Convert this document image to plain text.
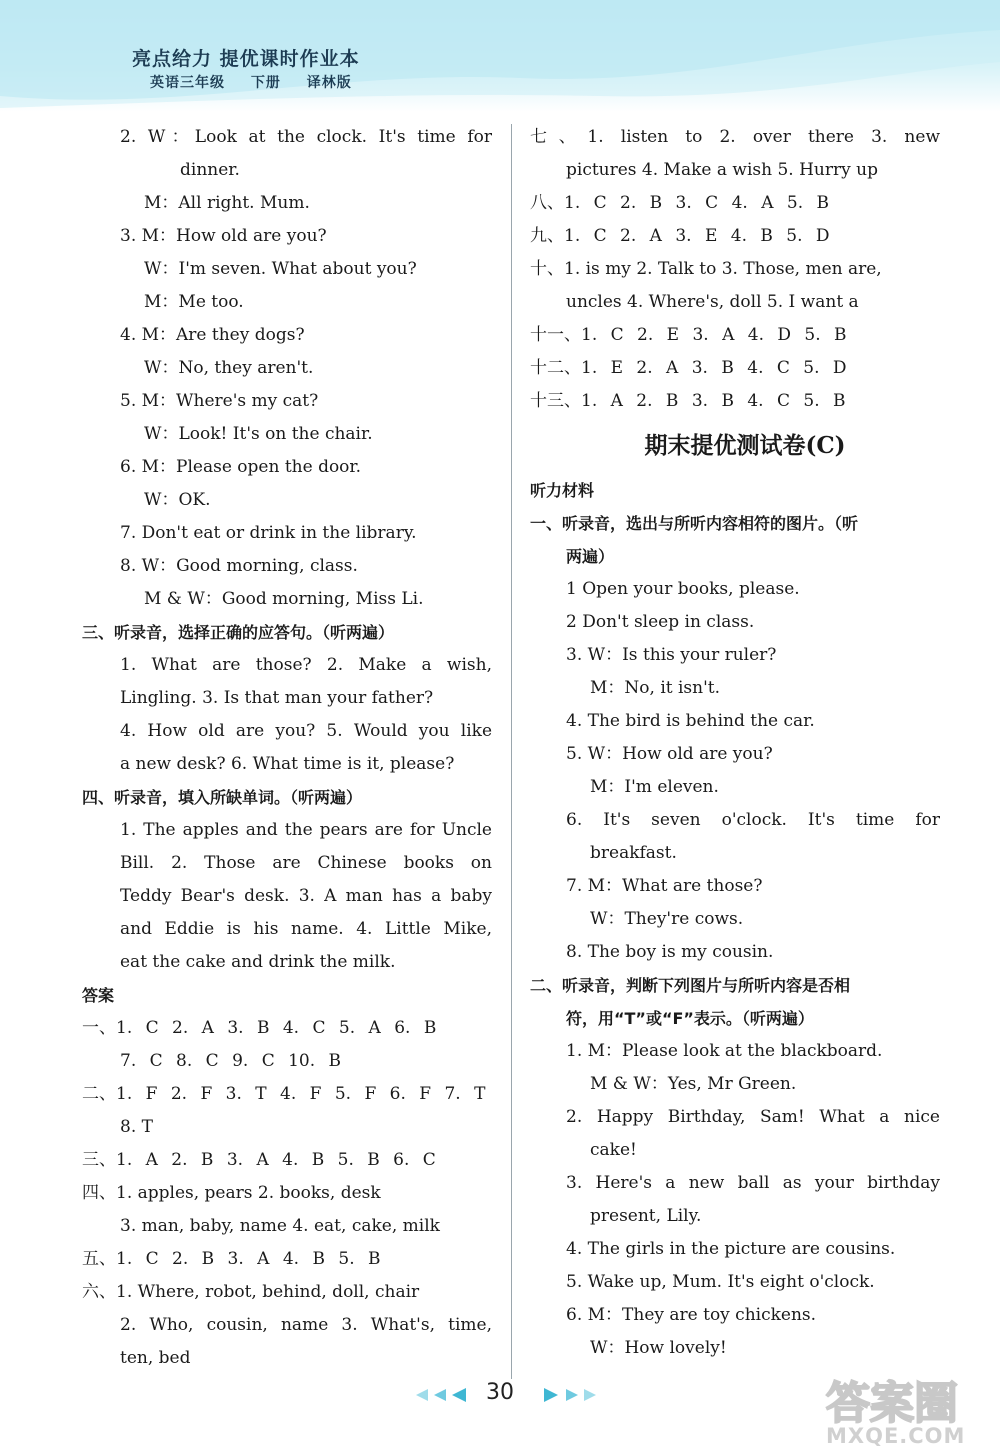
亮点给力 提优课时作业本
英语三年级 下册 译林版
2. W：Look at the clock. It's time for
dinner.
M：All right. Mum.
3. M：How old are you?
W：I'm seven. What about you?
M：Me too.
4. M：Are they dogs?
W：No, they aren't.
5. M：Where's my cat?
W：Look! It's on the chair.
6. M：Please open the door.
W：OK.
7. Don't eat or drink in the library.
8. W：Good morning, class.
M & W：Good morning, Miss Li.
三、听录音，选择正确的应答句。（听两遍）
1. What are those? 2. Make a wish,
Lingling. 3. Is that man your father?
4. How old are you? 5. Would you like
a new desk? 6. What time is it, please?
四、听录音，填入所缺单词。（听两遍）
1. The apples and the pears are for Uncle
Bill. 2. Those are Chinese books on
Teddy Bear's desk. 3. A man has a baby
and Eddie is his name. 4. Little Mike,
eat the cake and drink the milk.
答案
一、1. C 2. A 3. B 4. C 5. A 6. B
7. C 8. C 9. C 10. B
二、1. F 2. F 3. T 4. F 5. F 6. F 7. T
8. T
三、1. A 2. B 3. A 4. B 5. B 6. C
四、1. apples, pears 2. books, desk
3. man, baby, name 4. eat, cake, milk
五、1. C 2. B 3. A 4. B 5. B
六、1. Where, robot, behind, doll, chair
2. Who, cousin, name 3. What's, time,
ten, bed
七、1. listen to 2. over there 3. new
pictures 4. Make a wish 5. Hurry up
八、1. C 2. B 3. C 4. A 5. B
九、1. C 2. A 3. E 4. B 5. D
十、1. is my 2. Talk to 3. Those, men are,
uncles 4. Where's, doll 5. I want a
十一、1. C 2. E 3. A 4. D 5. B
十二、1. E 2. A 3. B 4. C 5. D
十三、1. A 2. B 3. B 4. C 5. B
期末提优测试卷(C)
听力材料
一、听录音，选出与所听内容相符的图片。（听
两遍）
1 Open your books, please.
2 Don't sleep in class.
3. W：Is this your ruler?
M：No, it isn't.
4. The bird is behind the car.
5. W：How old are you?
M：I'm eleven.
6. It's seven o'clock. It's time for
breakfast.
7. M：What are those?
W：They're cows.
8. The boy is my cousin.
二、听录音，判断下列图片与所听内容是否相
符，用“T”或“F”表示。（听两遍）
1. M：Please look at the blackboard.
M & W：Yes, Mr Green.
2. Happy Birthday, Sam! What a nice
cake!
3. Here's a new ball as your birthday
present, Lily.
4. The girls in the picture are cousins.
5. Wake up, Mum. It's eight o'clock.
6. M：They are toy chickens.
W：How lovely!
30	答案圈
MXQE.COM
